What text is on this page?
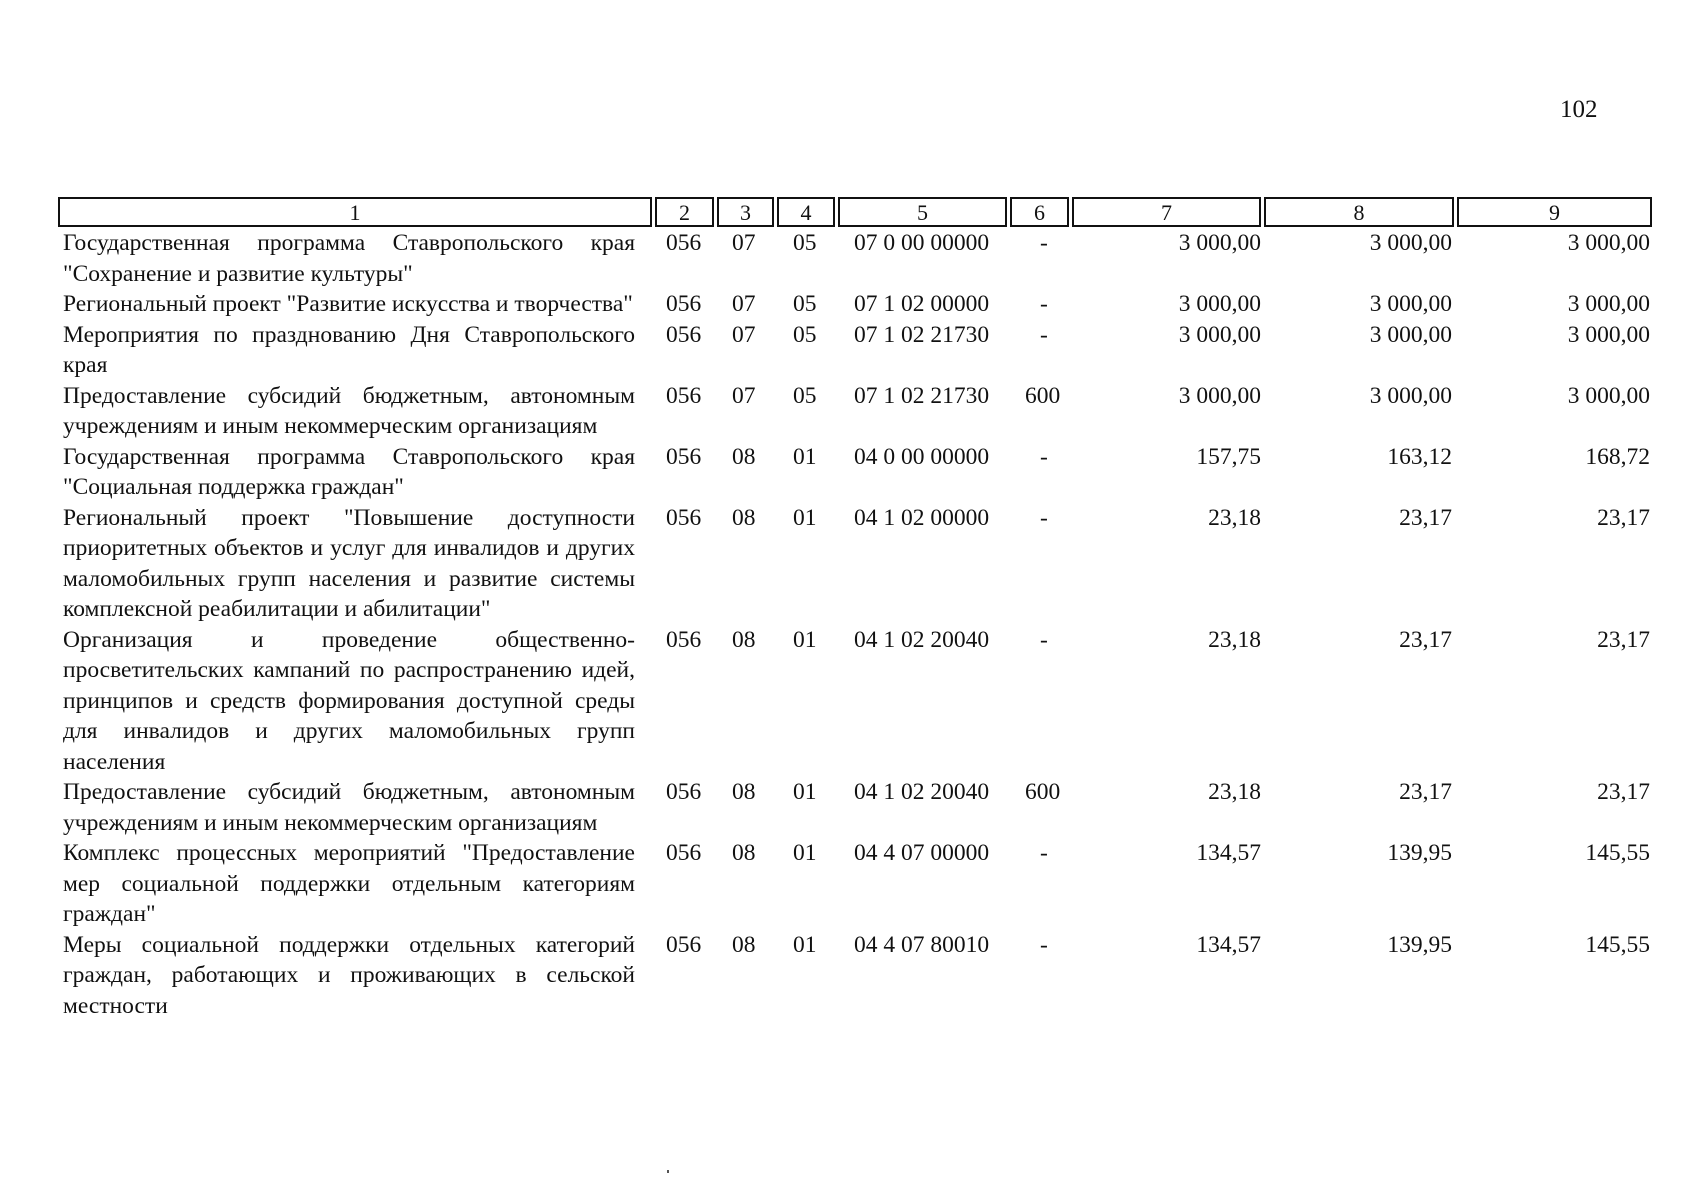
102
1	2	3	4	5	6	7	8	9
Государственная программа Ставропольского края "Сохранение и развитие культуры"
056 07 05 07 0 00 00000 -	3 000,00	3 000,00	3 000,00
Региональный проект "Развитие искусства и творчества" 056 07 05 07 1 02 00000 -	3 000,00	3 000,00	3 000,00
Мероприятия по празднованию Дня Ставропольского края
056 07 05 07 1 02 21730 -	3 000,00	3 000,00	3 000,00
Предоставление субсидий бюджетным, автономным учреждениям и иным некоммерческим организациям
056 07 05 07 1 02 21730 600	3 000,00	3 000,00	3 000,00
Государственная программа Ставропольского края "Социальная поддержка граждан"
056 08 01 04 0 00 00000 -	157,75	163,12	168,72
Региональный проект "Повышение доступности приоритетных объектов и услуг для инвалидов и других маломобильных групп населения и развитие системы комплексной реабилитации и абилитации"
056 08 01 04 1 02 00000 -	23,18	23,17	23,17
Организация и проведение общественно-просветительских кампаний по распространению идей, принципов и средств формирования доступной среды для инвалидов и других маломобильных групп населения
056 08 01 04 1 02 20040 -	23,18	23,17	23,17
Предоставление субсидий бюджетным, автономным учреждениям и иным некоммерческим организациям
056 08 01 04 1 02 20040 600	23,18	23,17	23,17
Комплекс процессных мероприятий "Предоставление мер социальной поддержки отдельным категориям граждан"
056 08 01 04 4 07 00000 -	134,57	139,95	145,55
Меры социальной поддержки отдельных категорий граждан, работающих и проживающих в сельской местности
056 08 01 04 4 07 80010 -	134,57	139,95	145,55
